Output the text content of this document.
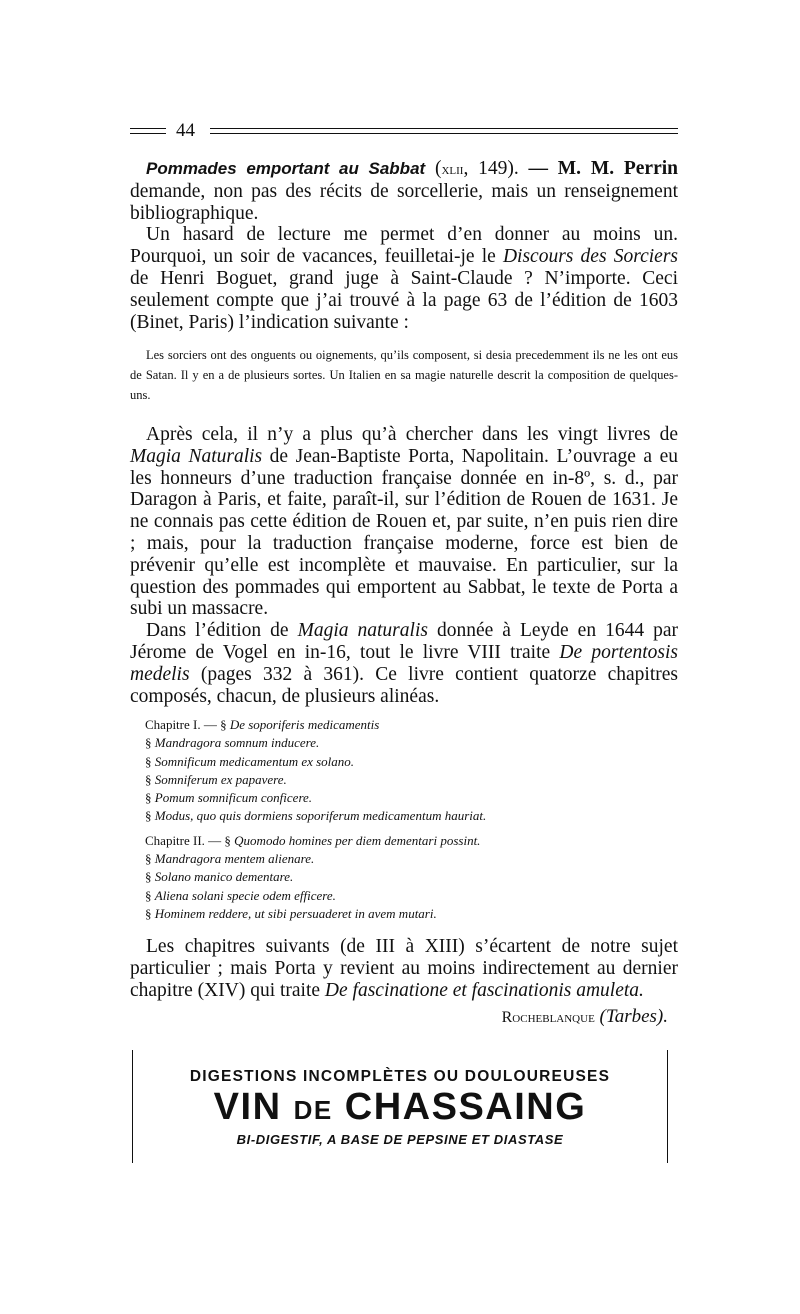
44

Pommades emportant au Sabbat (xlii, 149). — M. M. Perrin demande, non pas des récits de sorcellerie, mais un renseignement bibliographique.

Un hasard de lecture me permet d’en donner au moins un. Pourquoi, un soir de vacances, feuilletai-je le Discours des Sorciers de Henri Boguet, grand juge à Saint-Claude ? N’importe. Ceci seulement compte que j’ai trouvé à la page 63 de l’édition de 1603 (Binet, Paris) l’indication suivante :

Les sorciers ont des onguents ou oignements, qu’ils composent, si desia precedemment ils ne les ont eus de Satan. Il y en a de plusieurs sortes. Un Italien en sa magie naturelle descrit la composition de quelques-uns.

Après cela, il n’y a plus qu’à chercher dans les vingt livres de Magia Naturalis de Jean-Baptiste Porta, Napolitain. L’ouvrage a eu les honneurs d’une traduction française donnée en in-8º, s. d., par Daragon à Paris, et faite, paraît-il, sur l’édition de Rouen de 1631. Je ne connais pas cette édition de Rouen et, par suite, n’en puis rien dire ; mais, pour la traduction française moderne, force est bien de prévenir qu’elle est incomplète et mauvaise. En particulier, sur la question des pommades qui emportent au Sabbat, le texte de Porta a subi un massacre.

Dans l’édition de Magia naturalis donnée à Leyde en 1644 par Jérome de Vogel en in-16, tout le livre VIII traite De portentosis medelis (pages 332 à 361). Ce livre contient quatorze chapitres composés, chacun, de plusieurs alinéas.

Chapitre I. — § De soporiferis medicamentis
§ Mandragora somnum inducere.
§ Somnificum medicamentum ex solano.
§ Somniferum ex papavere.
§ Pomum somnificum conficere.
§ Modus, quo quis dormiens soporiferum medicamentum hauriat.
Chapitre II. — § Quomodo homines per diem dementari possint.
§ Mandragora mentem alienare.
§ Solano manico dementare.
§ Aliena solani specie odem efficere.
§ Hominem reddere, ut sibi persuaderet in avem mutari.

Les chapitres suivants (de III à XIII) s’écartent de notre sujet particulier ; mais Porta y revient au moins indirectement au dernier chapitre (XIV) qui traite De fascinatione et fascinationis amuleta.

Rocheblanque (Tarbes).
DIGESTIONS INCOMPLÈTES OU DOULOUREUSES
VIN DE CHASSAING
BI-DIGESTIF, A BASE DE PEPSINE ET DIASTASE
